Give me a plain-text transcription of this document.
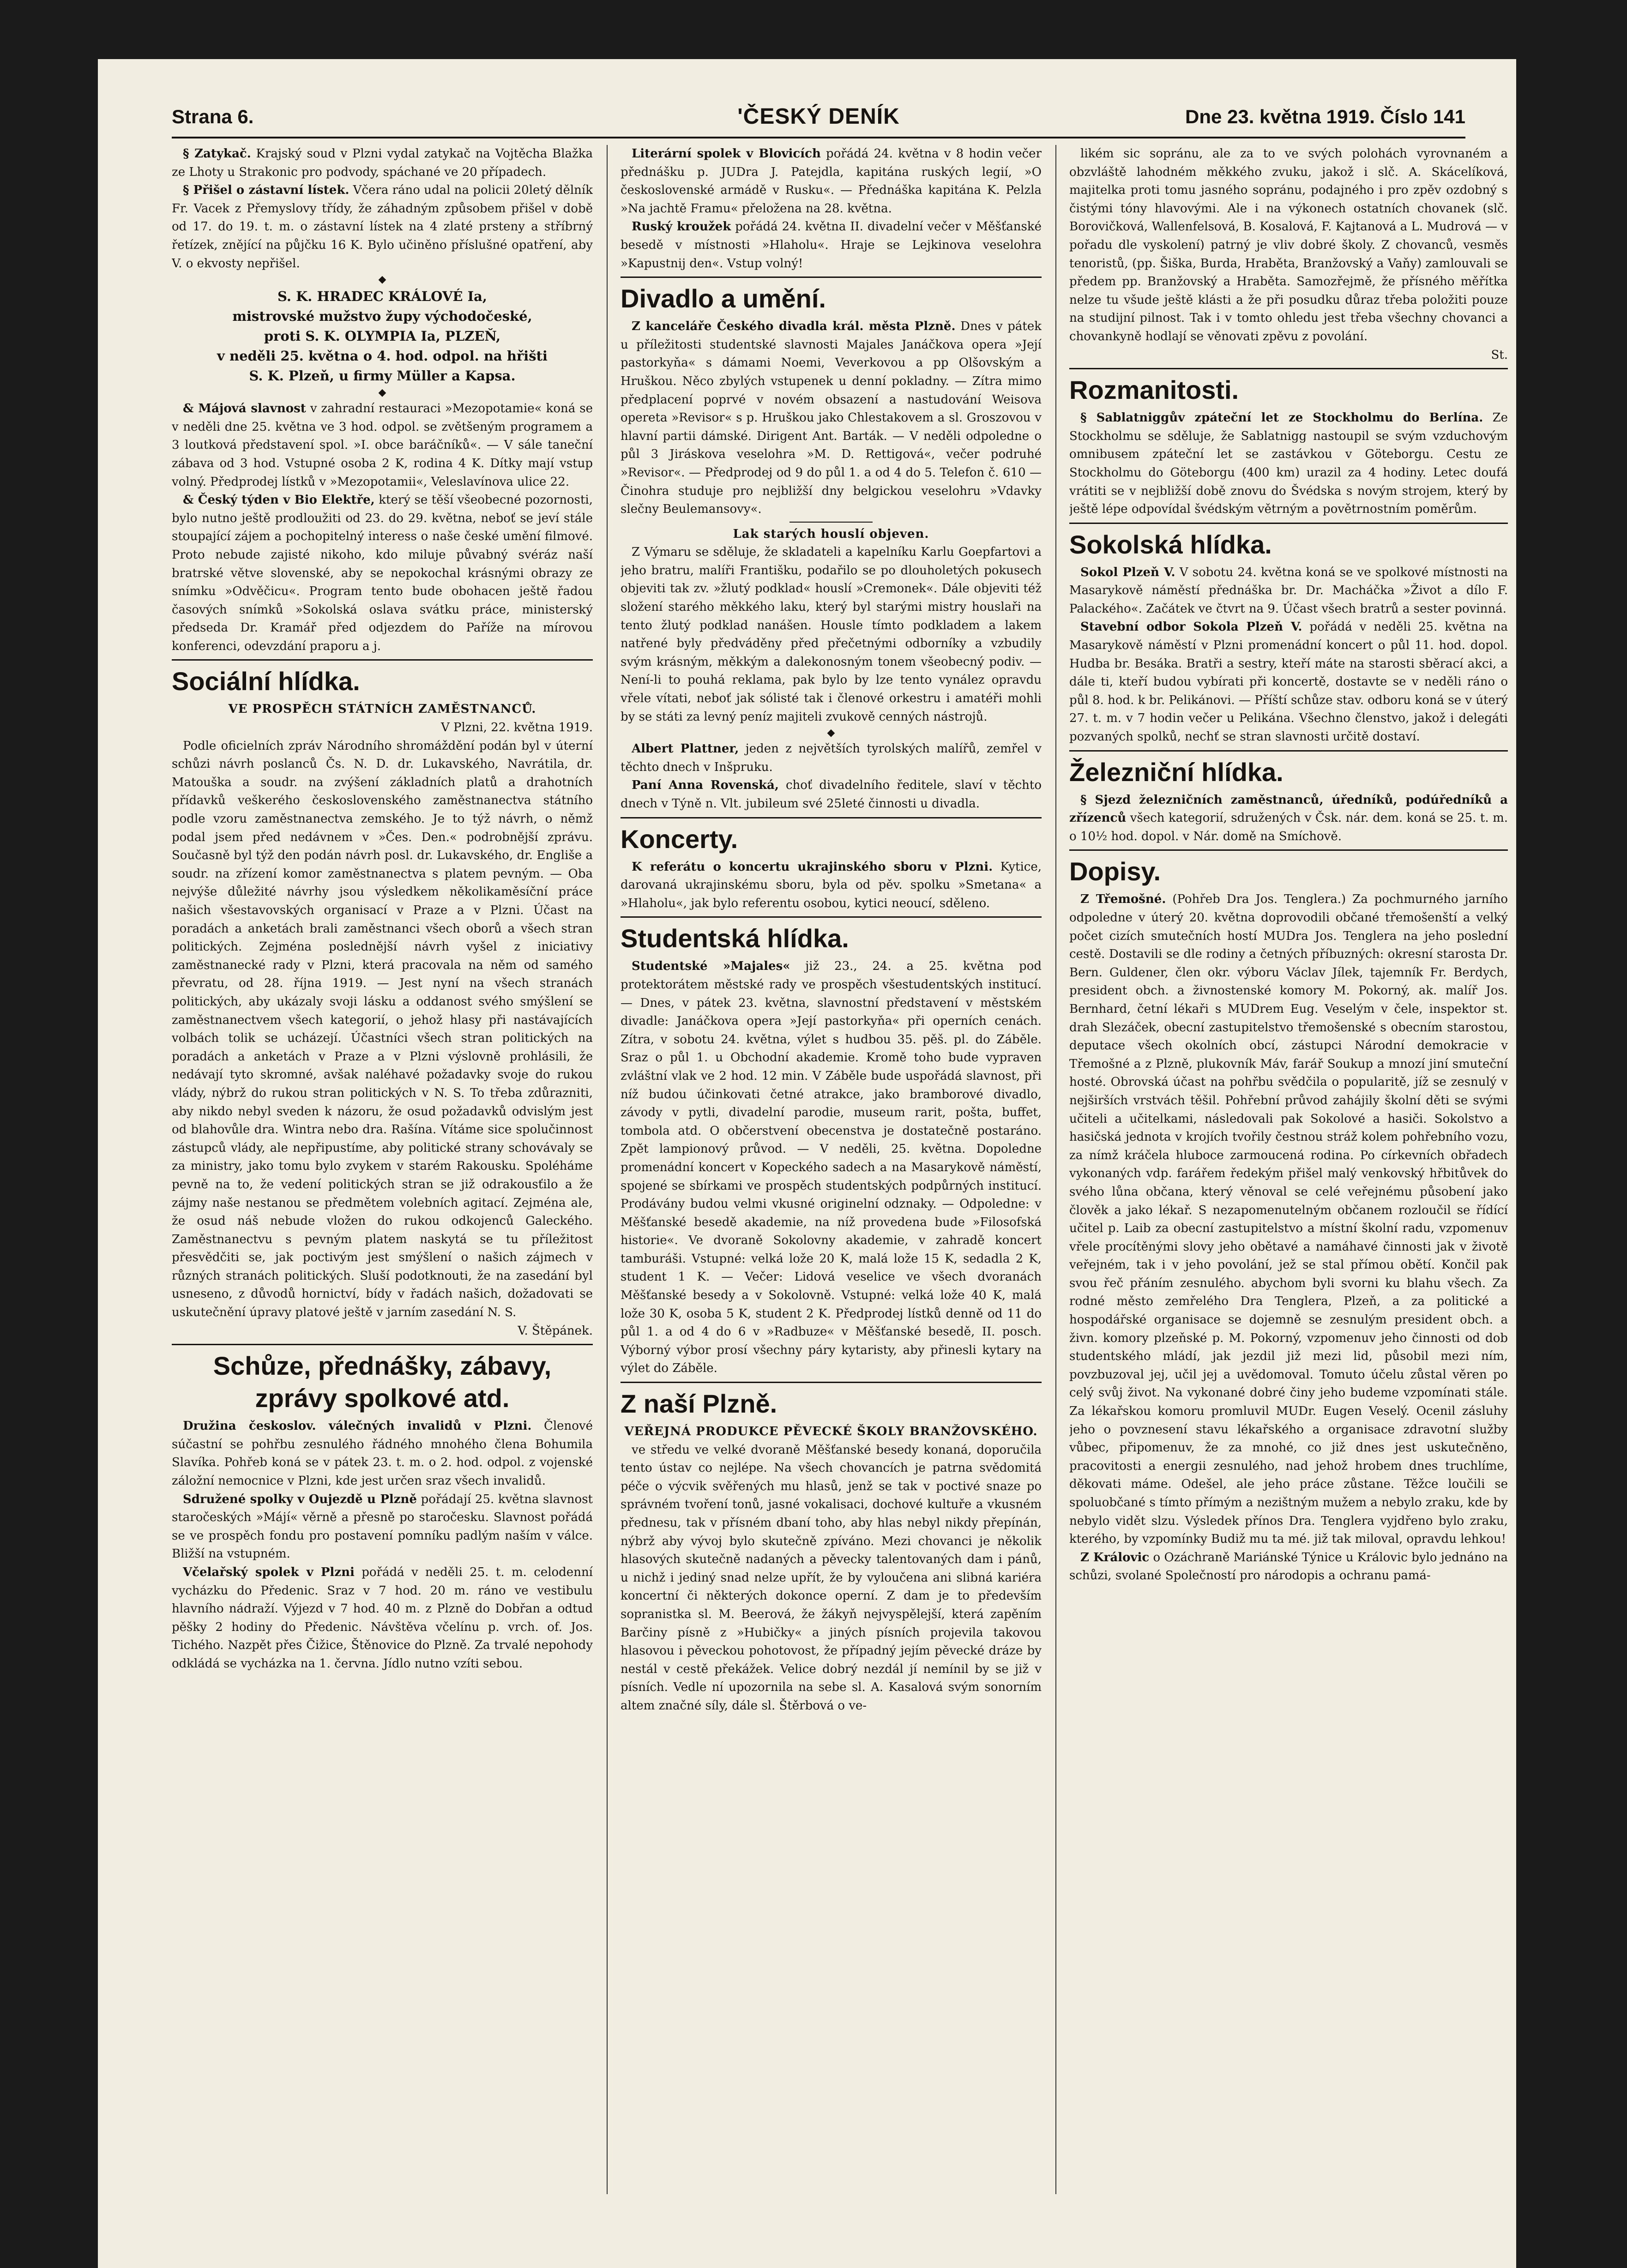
Strana 6.	'ČESKÝ DENÍK	Dne 23. května 1919. Číslo 141

§ Zatykač. Krajský soud v Plzni vydal zatykač na Vojtěcha Blažka ze Lhoty u Strakonic pro podvody, spáchané ve 20 případech.

§ Přišel o zástavní lístek. Včera ráno udal na policii 20letý dělník Fr. Vacek z Přemyslovy třídy, že záhadným způsobem přišel v době od 17. do 19. t. m. o zástavní lístek na 4 zlaté prsteny a stříbrný řetízek, znějící na půjčku 16 K. Bylo učiněno příslušné opatření, aby V. o ekvosty nepřišel.

◆

S. K. HRADEC KRÁLOVÉ Ia,

mistrovské mužstvo župy východočeské,

proti S. K. OLYMPIA Ia, PLZEŇ,

v neděli 25. května o 4. hod. odpol. na hřišti

S. K. Plzeň, u firmy Müller a Kapsa.

◆

& Májová slavnost v zahradní restauraci »Mezopotamie« koná se v neděli dne 25. května ve 3 hod. odpol. se zvětšeným programem a 3 loutková představení spol. »I. obce baráčníků«. — V sále taneční zábava od 3 hod. Vstupné osoba 2 K, rodina 4 K. Dítky mají vstup volný. Předprodej lístků v »Mezopotamii«, Veleslavínova ulice 22.

& Český týden v Bio Elektře, který se těší všeobecné pozornosti, bylo nutno ještě prodloužiti od 23. do 29. května, neboť se jeví stále stoupající zájem a pochopitelný interess o naše české umění filmové. Proto nebude zajisté nikoho, kdo miluje půvabný svéráz naší bratrské větve slovenské, aby se nepokochal krásnými obrazy ze snímku »Odvěčicu«. Program tento bude obohacen ještě řadou časových snímků »Sokolská oslava svátku práce, ministerský předseda Dr. Kramář před odjezdem do Paříže na mírovou konferenci, odevzdání praporu a j.

Sociální hlídka.

VE PROSPĚCH STÁTNÍCH ZAMĚSTNANCŮ.

V Plzni, 22. května 1919.

Podle oficielních zpráv Národního shromáždění podán byl v úterní schůzi návrh poslanců Čs. N. D. dr. Lukavského, Navrátila, dr. Matouška a soudr. na zvýšení základních platů a drahotních přídavků veškerého československého zaměstnanectva státního podle vzoru zaměstnanectva zemského. Je to týž návrh, o němž podal jsem před nedávnem v »Čes. Den.« podrobnější zprávu. Současně byl týž den podán návrh posl. dr. Lukavského, dr. Engliše a soudr. na zřízení komor zaměstnanectva s platem pevným. — Oba nejvýše důležité návrhy jsou výsledkem několikaměsíční práce našich všestavovských organisací v Praze a v Plzni. Účast na poradách a anketách brali zaměstnanci všech oborů a všech stran politických. Zejména poslednější návrh vyšel z iniciativy zaměstnanecké rady v Plzni, která pracovala na něm od samého převratu, od 28. října 1919. — Jest nyní na všech stranách politických, aby ukázaly svoji lásku a oddanost svého smýšlení se zaměstnanectvem všech kategorií, o jehož hlasy při nastávajících volbách tolik se ucházejí. Účastníci všech stran politických na poradách a anketách v Praze a v Plzni výslovně prohlásili, že nedávají tyto skromné, avšak naléhavé požadavky svoje do rukou vlády, nýbrž do rukou stran politických v N. S. To třeba zdůrazniti, aby nikdo nebyl sveden k názoru, že osud požadavků odvislým jest od blahovůle dra. Wintra nebo dra. Rašína. Vítáme sice spolučinnost zástupců vlády, ale nepřipustíme, aby politické strany schovávaly se za ministry, jako tomu bylo zvykem v starém Rakousku. Spoléháme pevně na to, že vedení politických stran se již odrakousťilo a že zájmy naše nestanou se předmětem volebních agitací. Zejména ale, že osud náš nebude vložen do rukou odkojenců Galeckého. Zaměstnanectvu s pevným platem naskytá se tu příležitost přesvědčiti se, jak poctivým jest smýšlení o našich zájmech v různých stranách politických. Sluší podotknouti, že na zasedání byl usneseno, z důvodů hornictví, bídy v řadách našich, dožadovati se uskutečnění úpravy platové ještě v jarním zasedání N. S.

V. Štěpánek.

Schůze, přednášky, zábavy, zprávy spolkové atd.

Družina českoslov. válečných invalidů v Plzni. Členové súčastní se pohřbu zesnulého řádného mnohého člena Bohumila Slavíka. Pohřeb koná se v pátek 23. t. m. o 2. hod. odpol. z vojenské záložní nemocnice v Plzni, kde jest určen sraz všech invalidů.

Sdružené spolky v Oujezdě u Plzně pořádají 25. května slavnost staročeských »Májí« věrně a přesně po staročesku. Slavnost pořádá se ve prospěch fondu pro postavení pomníku padlým naším v válce. Bližší na vstupném.

Včelařský spolek v Plzni pořádá v neděli 25. t. m. celodenní vycházku do Předenic. Sraz v 7 hod. 20 m. ráno ve vestibulu hlavního nádraží. Výjezd v 7 hod. 40 m. z Plzně do Dobřan a odtud pěšky 2 hodiny do Předenic. Návštěva včelínu p. vrch. of. Jos. Tichého. Nazpět přes Čižice, Štěnovice do Plzně. Za trvalé nepohody odkládá se vycházka na 1. června. Jídlo nutno vzíti sebou.

Literární spolek v Blovicích pořádá 24. května v 8 hodin večer přednášku p. JUDra J. Patejdla, kapitána ruských legií, »O československé armádě v Rusku«. — Přednáška kapitána K. Pelzla »Na jachtě Framu« přeložena na 28. května.

Ruský kroužek pořádá 24. května II. divadelní večer v Měšťanské besedě v místnosti »Hlaholu«. Hraje se Lejkinova veselohra »Kapustnij den«. Vstup volný!

Divadlo a umění.

Z kanceláře Českého divadla král. města Plzně. Dnes v pátek u příležitosti studentské slavnosti Majales Janáčkova opera »Její pastorkyňa« s dámami Noemi, Veverkovou a pp Olšovským a Hruškou. Něco zbylých vstupenek u denní pokladny. — Zítra mimo předplacení poprvé v novém obsazení a nastudování Weisova opereta »Revisor« s p. Hruškou jako Chlestakovem a sl. Groszovou v hlavní partii dámské. Dirigent Ant. Barták. — V neděli odpoledne o půl 3 Jiráskova veselohra »M. D. Rettigová«, večer podruhé »Revisor«. — Předprodej od 9 do půl 1. a od 4 do 5. Telefon č. 610 — Činohra studuje pro nejbližší dny belgickou veselohru »Vdavky slečny Beulemansovy«.

Lak starých houslí objeven.

Z Výmaru se sděluje, že skladateli a kapelníku Karlu Goepfartovi a jeho bratru, malíři Františku, podařilo se po dlouholetých pokusech objeviti tak zv. »žlutý podklad« houslí »Cremonek«. Dále objeviti též složení starého měkkého laku, který byl starými mistry houslaři na tento žlutý podklad nanášen. Housle tímto podkladem a lakem natřené byly předváděny před přečetnými odborníky a vzbudily svým krásným, měkkým a dalekonosným tonem všeobecný podiv. — Není-li to pouhá reklama, pak bylo by lze tento vynález opravdu vřele vítati, neboť jak sólisté tak i členové orkestru i amatéři mohli by se státi za levný peníz majiteli zvukově cenných nástrojů.

◆

Albert Plattner, jeden z největších tyrolských malířů, zemřel v těchto dnech v Inšpruku.

Paní Anna Rovenská, choť divadelního ředitele, slaví v těchto dnech v Týně n. Vlt. jubileum své 25leté činnosti u divadla.

Koncerty.

K referátu o koncertu ukrajinského sboru v Plzni. Kytice, darovaná ukrajinskému sboru, byla od pěv. spolku »Smetana« a »Hlaholu«, jak bylo referentu osobou, kytici neoucí, sděleno.

Studentská hlídka.

Studentské »Majales« již 23., 24. a 25. května pod protektorátem městské rady ve prospěch všestudentských institucí. — Dnes, v pátek 23. května, slavnostní představení v městském divadle: Janáčkova opera »Její pastorkyňa« při operních cenách. Zítra, v sobotu 24. května, výlet s hudbou 35. pěš. pl. do Záběle. Sraz o půl 1. u Obchodní akademie. Kromě toho bude vypraven zvláštní vlak ve 2 hod. 12 min. V Záběle bude uspořádá slavnost, při níž budou účinkovati četné atrakce, jako bramborové divadlo, závody v pytli, divadelní parodie, museum rarit, pošta, buffet, tombola atd. O občerstvení obecenstva je dostatečně postaráno. Zpět lampionový průvod. — V neděli, 25. května. Dopoledne promenádní koncert v Kopeckého sadech a na Masarykově náměstí, spojené se sbírkami ve prospěch studentských podpůrných institucí. Prodávány budou velmi vkusné originelní odznaky. — Odpoledne: v Měšťanské besedě akademie, na níž provedena bude »Filosofská historie«. Ve dvoraně Sokolovny akademie, v zahradě koncert tamburáši. Vstupné: velká lože 20 K, malá lože 15 K, sedadla 2 K, student 1 K. — Večer: Lidová veselice ve všech dvoranách Měšťanské besedy a v Sokolovně. Vstupné: velká lože 40 K, malá lože 30 K, osoba 5 K, student 2 K. Předprodej lístků denně od 11 do půl 1. a od 4 do 6 v »Radbuze« v Měšťanské besedě, II. posch. Výborný výbor prosí všechny páry kytaristy, aby přinesli kytary na výlet do Záběle.

Z naší Plzně.

VEŘEJNÁ PRODUKCE PĚVECKÉ ŠKOLY BRANŽOVSKÉHO.

ve středu ve velké dvoraně Měšťanské besedy konaná, doporučila tento ústav co nejlépe. Na všech chovancích je patrna svědomitá péče o výcvik svěřených mu hlasů, jenž se tak v poctivé snaze po správném tvoření tonů, jasné vokalisaci, dochové kultuře a vkusném přednesu, tak v přísném dbaní toho, aby hlas nebyl nikdy přepínán, nýbrž aby vývoj bylo skutečně zpíváno. Mezi chovanci je několik hlasových skutečně nadaných a pěvecky talentovaných dam i pánů, u nichž i jediný snad nelze upřít, že by vyloučena ani slibná kariéra koncertní či některých dokonce operní. Z dam je to především sopranistka sl. M. Beerová, že žákyň nejvyspělejší, která zapěním Barčiny písně z »Hubičky« a jiných písních projevila takovou hlasovou i pěveckou pohotovost, že případný jejím pěvecké dráze by nestál v cestě překážek. Velice dobrý nezdál jí nemínil by se již v písních. Vedle ní upozornila na sebe sl. A. Kasalová svým sonorním altem značné síly, dále sl. Štěrbová o ve-

likém sic sopránu, ale za to ve svých polohách vyrovnaném a obzvláště lahodném měkkého zvuku, jakož i slč. A. Skácelíková, majitelka proti tomu jasného sopránu, podajného i pro zpěv ozdobný s čistými tóny hlavovými. Ale i na výkonech ostatních chovanek (slč. Borovičková, Wallenfelsová, B. Kosalová, F. Kajtanová a L. Mudrová — v pořadu dle vyskolení) patrný je vliv dobré školy. Z chovanců, vesměs tenoristů, (pp. Šiška, Burda, Hraběta, Branžovský a Vaňy) zamlouvali se předem pp. Branžovský a Hraběta. Samozřejmě, že přísného měřítka nelze tu všude ještě klásti a že při posudku důraz třeba položiti pouze na studijní pilnost. Tak i v tomto ohledu jest třeba všechny chovanci a chovankyně hodlají se věnovati zpěvu z povolání.

St.

Rozmanitosti.

§ Sablatniggův zpáteční let ze Stockholmu do Berlína. Ze Stockholmu se sděluje, že Sablatnigg nastoupil se svým vzduchovým omnibusem zpáteční let se zastávkou v Göteborgu. Cestu ze Stockholmu do Göteborgu (400 km) urazil za 4 hodiny. Letec doufá vrátiti se v nejbližší době znovu do Švédska s novým strojem, který by ještě lépe odpovídal švédským větrným a povětrnostním poměrům.

Sokolská hlídka.

Sokol Plzeň V. V sobotu 24. května koná se ve spolkové místnosti na Masarykově náměstí přednáška br. Dr. Macháčka »Život a dílo F. Palackého«. Začátek ve čtvrt na 9. Účast všech bratrů a sester povinná.

Stavební odbor Sokola Plzeň V. pořádá v neděli 25. května na Masarykově náměstí v Plzni promenádní koncert o půl 11. hod. dopol. Hudba br. Besáka. Bratři a sestry, kteří máte na starosti sběrací akci, a dále ti, kteří budou vybírati při koncertě, dostavte se v neděli ráno o půl 8. hod. k br. Pelikánovi. — Příští schůze stav. odboru koná se v úterý 27. t. m. v 7 hodin večer u Pelikána. Všechno členstvo, jakož i delegáti pozvaných spolků, nechť se stran slavnosti určitě dostaví.

Železniční hlídka.

§ Sjezd železničních zaměstnanců, úředníků, podúředníků a zřízenců všech kategorií, sdružených v Čsk. nár. dem. koná se 25. t. m. o 10½ hod. dopol. v Nár. domě na Smíchově.

Dopisy.

Z Třemošné. (Pohřeb Dra Jos. Tenglera.) Za pochmurného jarního odpoledne v úterý 20. května doprovodili občané třemošenští a velký počet cizích smutečních hostí MUDra Jos. Tenglera na jeho poslední cestě. Dostavili se dle rodiny a četných příbuzných: okresní starosta Dr. Bern. Guldener, člen okr. výboru Václav Jílek, tajemník Fr. Berdych, president obch. a živnostenské komory M. Pokorný, ak. malíř Jos. Bernhard, četní lékaři s MUDrem Eug. Veselým v čele, inspektor st. drah Slezáček, obecní zastupitelstvo třemošenské s obecním starostou, deputace všech okolních obcí, zástupci Národní demokracie v Třemošné a z Plzně, plukovník Máv, farář Soukup a mnozí jiní smuteční hosté. Obrovská účast na pohřbu svědčila o popularitě, jíž se zesnulý v nejširších vrstvách těšil. Pohřební průvod zahájily školní děti se svými učiteli a učitelkami, následovali pak Sokolové a hasiči. Sokolstvo a hasičská jednota v krojích tvořily čestnou stráž kolem pohřebního vozu, za nímž kráčela hluboce zarmoucená rodina. Po církevních obřadech vykonaných vdp. farářem ředekým přišel malý venkovský hřbitůvek do svého lůna občana, který věnoval se celé veřejnému působení jako člověk a jako lékař. S nezapomenutelným občanem rozloučil se řídící učitel p. Laib za obecní zastupitelstvo a místní školní radu, vzpomenuv vřele procítěnými slovy jeho obětavé a namáhavé činnosti jak v životě veřejném, tak i v jeho povolání, jež se stal přímou obětí. Končil pak svou řeč přáním zesnulého. abychom byli svorni ku blahu všech. Za rodné město zemřelého Dra Tenglera, Plzeň, a za politické a hospodářské organisace se dojemně se zesnulým president obch. a živn. komory plzeňské p. M. Pokorný, vzpomenuv jeho činnosti od dob studentského mládí, jak jezdil již mezi lid, působil mezi ním, povzbuzoval jej, učil jej a uvědomoval. Tomuto účelu zůstal věren po celý svůj život. Na vykonané dobré činy jeho budeme vzpomínati stále. Za lékařskou komoru promluvil MUDr. Eugen Veselý. Ocenil zásluhy jeho o povznesení stavu lékařského a organisace zdravotní služby vůbec, připomenuv, že za mnohé, co již dnes jest uskutečněno, pracovitosti a energii zesnulého, nad jehož hrobem dnes truchlíme, děkovati máme. Odešel, ale jeho práce zůstane. Těžce loučili se spoluobčané s tímto přímým a nezištným mužem a nebylo zraku, kde by nebylo vidět slzu. Výsledek přínos Dra. Tenglera vyjdřeno bylo zraku, kterého, by vzpomínky Budiž mu ta mé. již tak miloval, opravdu lehkou!

Z Královic o Ozáchraně Mariánské Týnice u Královic bylo jednáno na schůzi, svolané Společností pro národopis a ochranu pamá-
